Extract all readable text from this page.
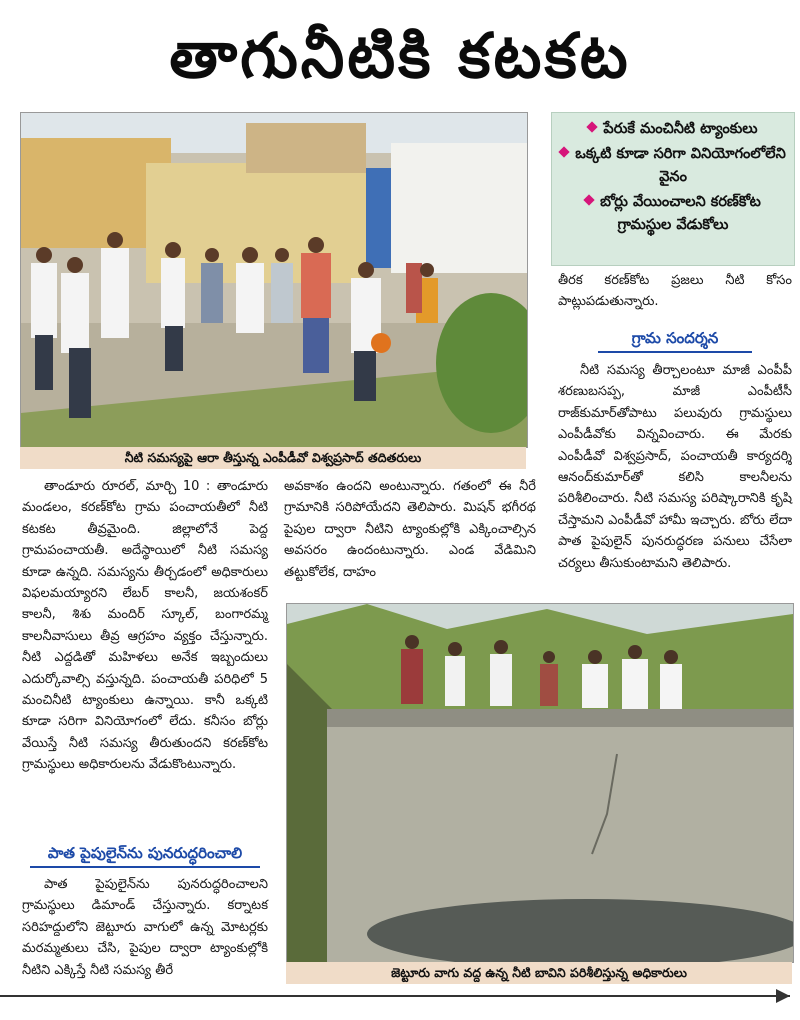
తాగునీటికి కటకట
నీటి సమస్యపై ఆరా తీస్తున్న ఎంపీడీవో విశ్వప్రసాద్ తదితరులు
పేరుకే మంచినీటి ట్యాంకులు
ఒక్కటి కూడా సరిగా వినియోగంలోలేని వైనం
బోర్లు వేయించాలని కరణ్‌కోట గ్రామస్థుల వేడుకోలు

తీరక కరణ్‌కోట ప్రజలు నీటి కోసం పాట్లుపడుతున్నారు.

గ్రామ సందర్శన

నీటి సమస్య తీర్చాలంటూ మాజీ ఎంపీపీ శరణుబసప్ప, మాజీ ఎంపీటీసీ రాజ్‌కుమార్‌తోపాటు పలువురు గ్రామస్థులు ఎంపీడీవోకు విన్నవించారు. ఈ మేరకు ఎంపీడీవో విశ్వప్రసాద్, పంచాయతీ కార్యదర్శి ఆనంద్‌కుమార్‌తో కలిసి కాలనీలను పరిశీలించారు. నీటి సమస్య పరిష్కారానికి కృషి చేస్తామని ఎంపీడీవో హామీ ఇచ్చారు. బోరు లేదా పాత పైపులైన్ పునరుద్ధరణ పనులు చేసేలా చర్యలు తీసుకుంటామని తెలిపారు.

తాండూరు రూరల్, మార్చి 10 : తాండూరు మండలం, కరణ్‌కోట గ్రామ పంచాయతీలో నీటి కటకట తీవ్రమైంది. జిల్లాలోనే పెద్ద గ్రామపంచాయతీ. అదేస్థాయిలో నీటి సమస్య కూడా ఉన్నది. సమస్యను తీర్చడంలో అధికారులు విఫలమయ్యారని లేబర్ కాలనీ, జయశంకర్ కాలనీ, శిశు మందిర్ స్కూల్, బంగారమ్మ కాలనీవాసులు తీవ్ర ఆగ్రహం వ్యక్తం చేస్తున్నారు. నీటి ఎద్దడితో మహిళలు అనేక ఇబ్బందులు ఎదుర్కోవాల్సి వస్తున్నది. పంచాయతీ పరిధిలో 5 మంచినీటి ట్యాంకులు ఉన్నాయి. కానీ ఒక్కటి కూడా సరిగా వినియోగంలో లేదు. కనీసం బోర్లు వేయిస్తే నీటి సమస్య తీరుతుందని కరణ్‌కోట గ్రామస్థులు అధికారులను వేడుకొంటున్నారు.

పాత పైపులైన్‌ను పునరుద్ధరించాలి

పాత పైపులైన్‌ను పునరుద్ధరించాలని గ్రామస్థులు డిమాండ్ చేస్తున్నారు. కర్నాటక సరిహద్దులోని జెట్టూరు వాగులో ఉన్న మోటర్లకు మరమ్మతులు చేసి, పైపుల ద్వారా ట్యాంకుల్లోకి నీటిని ఎక్కిస్తే నీటి సమస్య తీరే

అవకాశం ఉందని అంటున్నారు. గతంలో ఈ నీరే గ్రామానికి సరిపోయేదని తెలిపారు. మిషన్ భగీరథ పైపుల ద్వారా నీటిని ట్యాంకుల్లోకి ఎక్కించాల్సిన అవసరం ఉందంటున్నారు. ఎండ వేడిమిని తట్టుకోలేక, దాహం

జెట్టూరు వాగు వద్ద ఉన్న నీటి బావిని పరిశీలిస్తున్న అధికారులు
